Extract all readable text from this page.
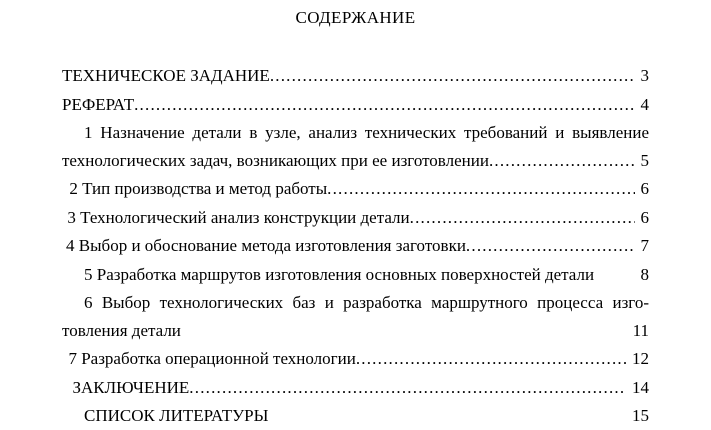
СОДЕРЖАНИЕ
ТЕХНИЧЕСКОЕ ЗАДАНИЕ .....	3
РЕФЕРАТ .....	4
1 Назначение детали в узле, анализ технических требований и выявление
технологических задач, возникающих при ее изготовлении .....	5
2 Тип производства и метод работы .....	6
3 Технологический анализ конструкции детали .....	6
4 Выбор и обоснование метода изготовления заготовки .....	7
5 Разработка маршрутов изготовления основных поверхностей детали	8
6 Выбор технологических баз и разработка маршрутного процесса изго-
товления детали	11
7 Разработка операционной технологии .....	12
ЗАКЛЮЧЕНИЕ .....	14
СПИСОК ЛИТЕРАТУРЫ	15
